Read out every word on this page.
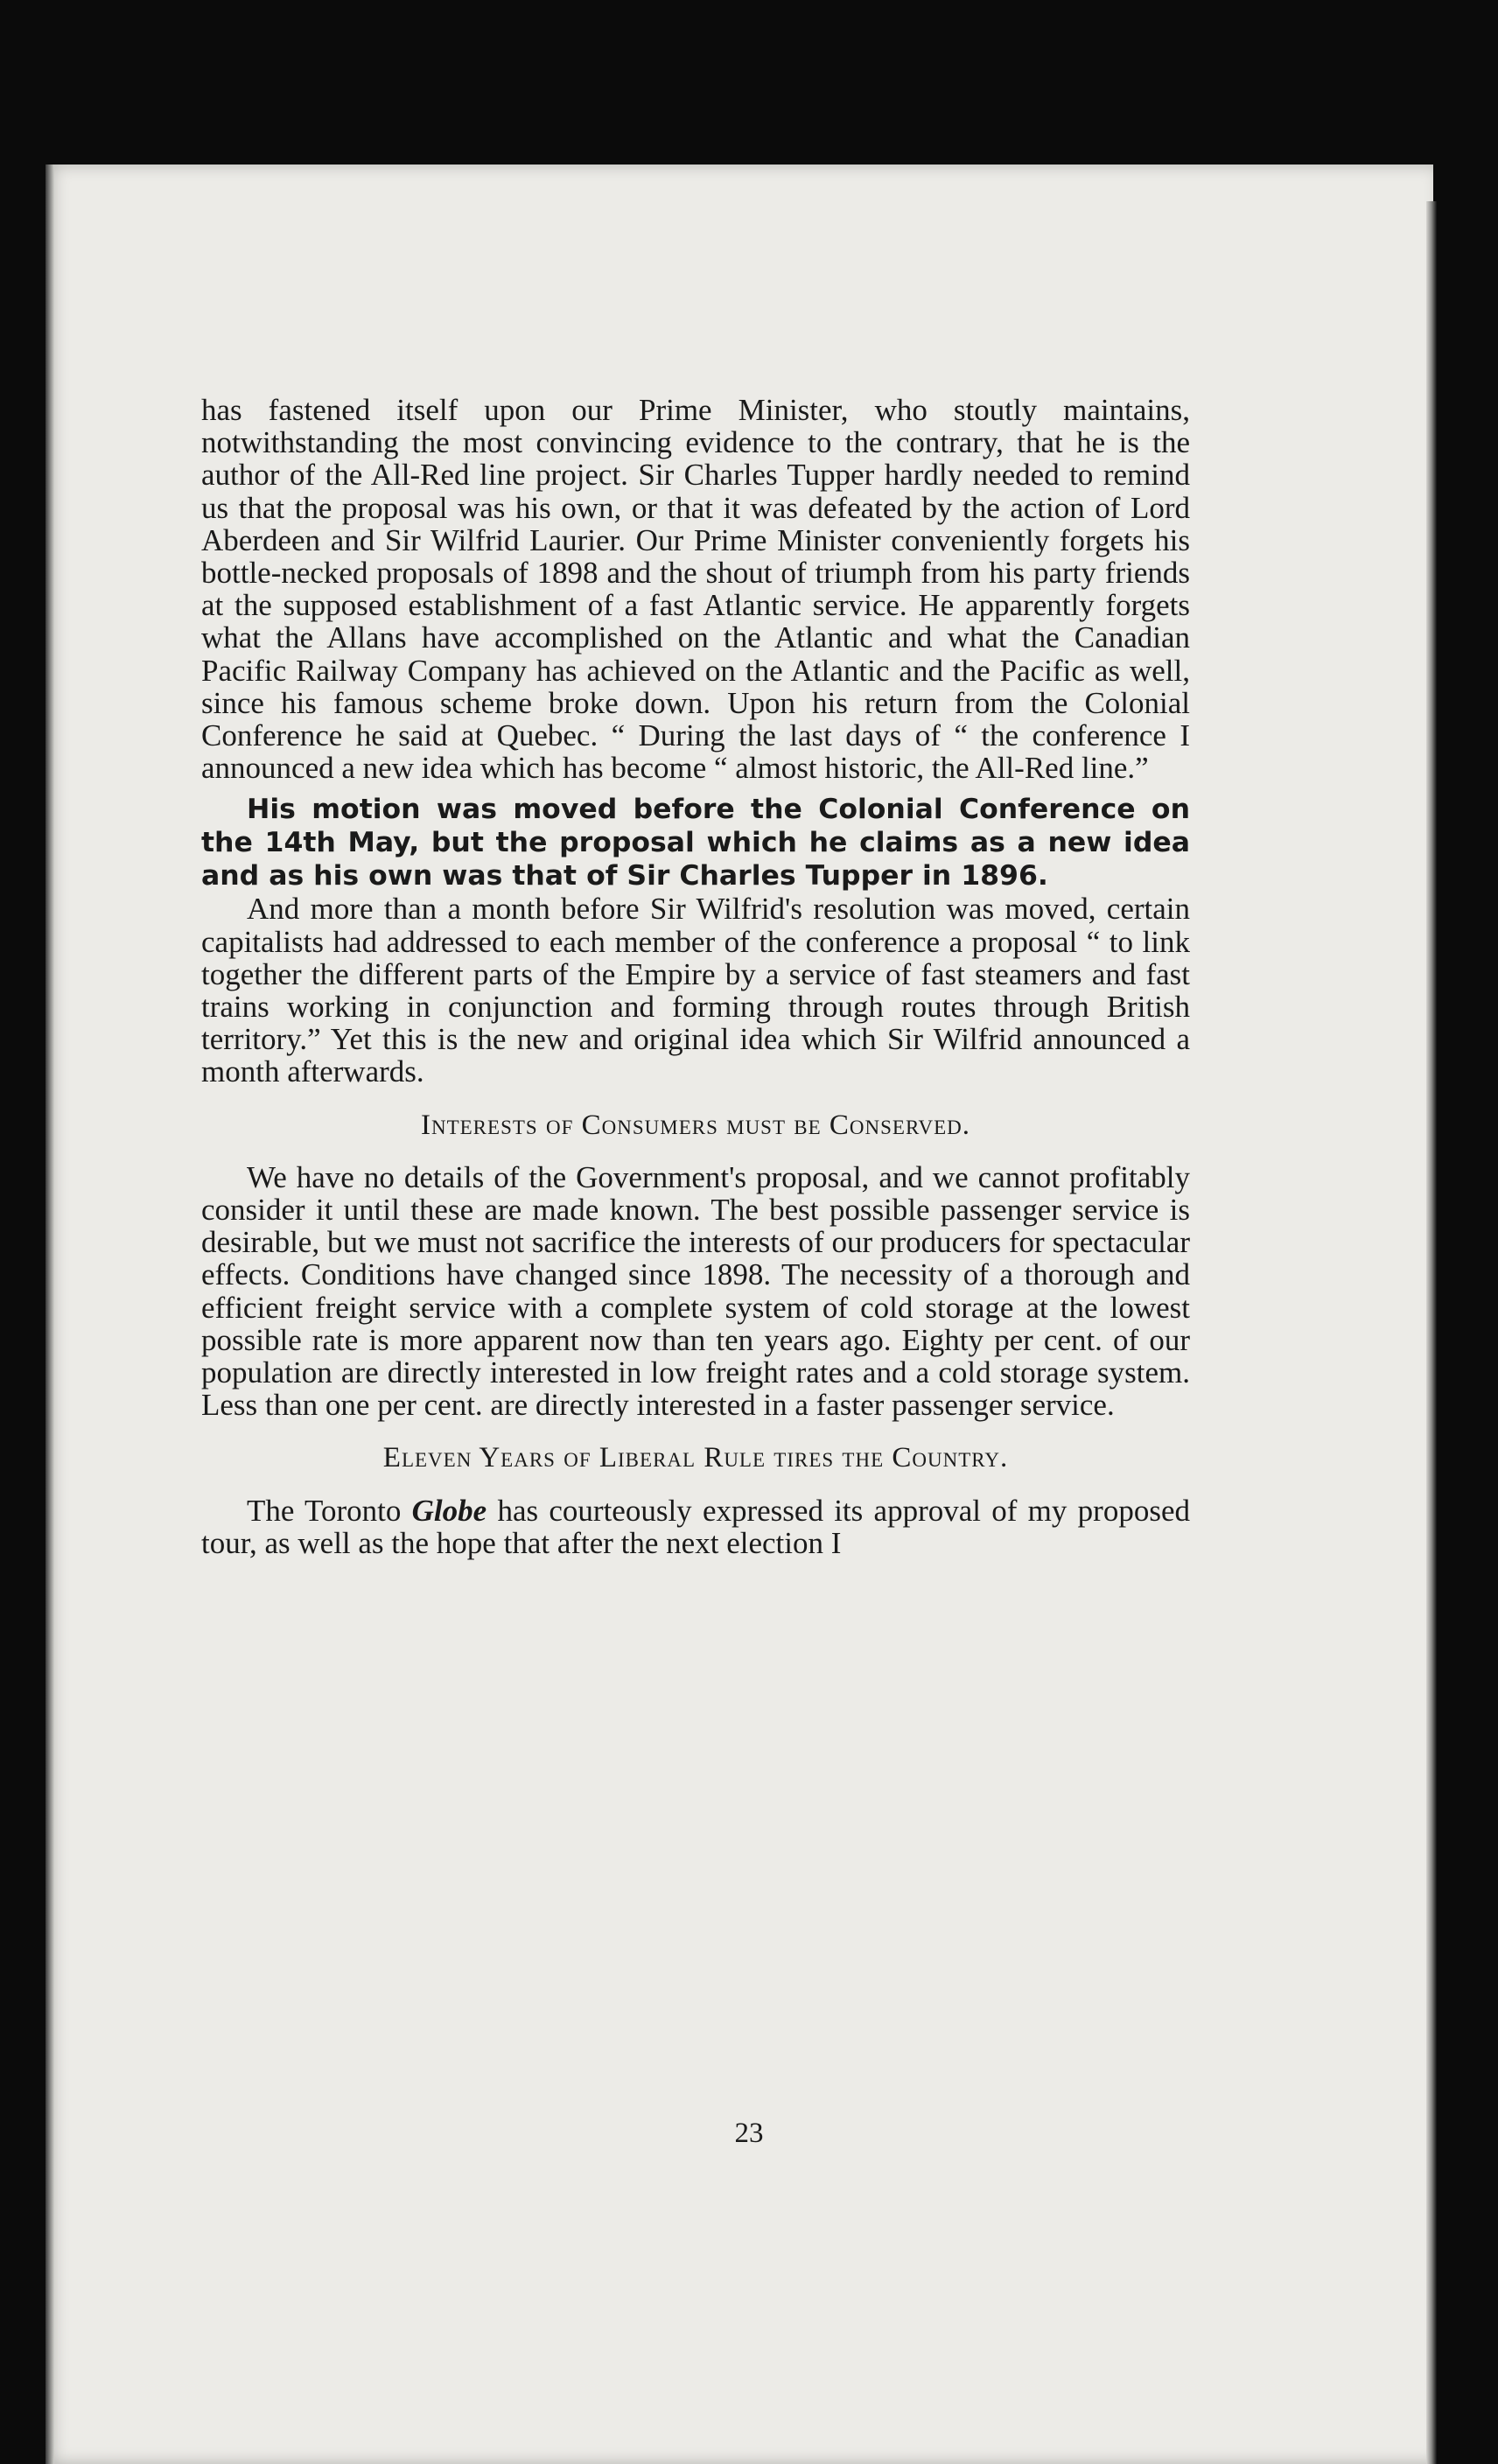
has fastened itself upon our Prime Minister, who stoutly maintains, notwithstanding the most convincing evidence to the contrary, that he is the author of the All-Red line project. Sir Charles Tupper hardly needed to remind us that the proposal was his own, or that it was defeated by the action of Lord Aberdeen and Sir Wilfrid Laurier. Our Prime Minister conveniently forgets his bottle-necked proposals of 1898 and the shout of triumph from his party friends at the supposed establishment of a fast Atlantic service. He apparently forgets what the Allans have accomplished on the Atlantic and what the Canadian Pacific Railway Company has achieved on the Atlantic and the Pacific as well, since his famous scheme broke down. Upon his return from the Colonial Conference he said at Quebec. “ During the last days of “ the conference I announced a new idea which has become “ almost historic, the All-Red line.”

His motion was moved before the Colonial Conference on the 14th May, but the proposal which he claims as a new idea and as his own was that of Sir Charles Tupper in 1896.

And more than a month before Sir Wilfrid's resolution was moved, certain capitalists had addressed to each member of the conference a proposal “ to link together the different parts of the Empire by a service of fast steamers and fast trains working in conjunction and forming through routes through British territory.” Yet this is the new and original idea which Sir Wilfrid announced a month afterwards.

Interests of Consumers must be Conserved.

We have no details of the Government's proposal, and we cannot profitably consider it until these are made known. The best possible passenger service is desirable, but we must not sacrifice the interests of our producers for spectacular effects. Conditions have changed since 1898. The necessity of a thorough and efficient freight service with a complete system of cold storage at the lowest possible rate is more apparent now than ten years ago. Eighty per cent. of our population are directly interested in low freight rates and a cold storage system. Less than one per cent. are directly interested in a faster passenger service.

Eleven Years of Liberal Rule tires the Country.

The Toronto Globe has courteously expressed its approval of my proposed tour, as well as the hope that after the next election I

23
